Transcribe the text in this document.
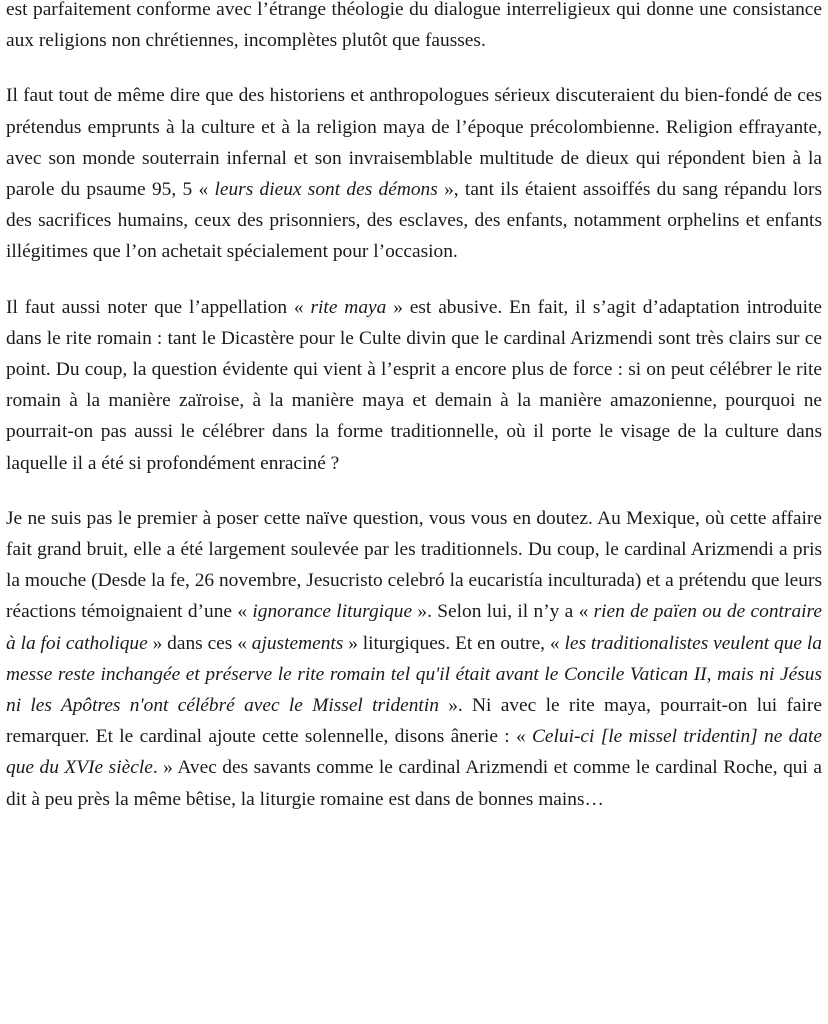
est parfaitement conforme avec l’étrange théologie du dialogue interreligieux qui donne une consistance aux religions non chrétiennes, incomplètes plutôt que fausses.

Il faut tout de même dire que des historiens et anthropologues sérieux discuteraient du bien-fondé de ces prétendus emprunts à la culture et à la religion maya de l’époque précolombienne. Religion effrayante, avec son monde souterrain infernal et son invraisemblable multitude de dieux qui répondent bien à la parole du psaume 95, 5 « leurs dieux sont des démons », tant ils étaient assoiffés du sang répandu lors des sacrifices humains, ceux des prisonniers, des esclaves, des enfants, notamment orphelins et enfants illégitimes que l’on achetait spécialement pour l’occasion.

Il faut aussi noter que l’appellation « rite maya » est abusive. En fait, il s’agit d’adaptation introduite dans le rite romain : tant le Dicastère pour le Culte divin que le cardinal Arizmendi sont très clairs sur ce point. Du coup, la question évidente qui vient à l’esprit a encore plus de force : si on peut célébrer le rite romain à la manière zaïroise, à la manière maya et demain à la manière amazonienne, pourquoi ne pourrait-on pas aussi le célébrer dans la forme traditionnelle, où il porte le visage de la culture dans laquelle il a été si profondément enraciné ?

Je ne suis pas le premier à poser cette naïve question, vous vous en doutez. Au Mexique, où cette affaire fait grand bruit, elle a été largement soulevée par les traditionnels. Du coup, le cardinal Arizmendi a pris la mouche (Desde la fe, 26 novembre, Jesucristo celebró la eucaristía inculturada) et a prétendu que leurs réactions témoignaient d’une « ignorance liturgique ». Selon lui, il n’y a « rien de païen ou de contraire à la foi catholique » dans ces « ajustements » liturgiques. Et en outre, « les traditionalistes veulent que la messe reste inchangée et préserve le rite romain tel qu'il était avant le Concile Vatican II, mais ni Jésus ni les Apôtres n'ont célébré avec le Missel tridentin ». Ni avec le rite maya, pourrait-on lui faire remarquer. Et le cardinal ajoute cette solennelle, disons ânerie : « Celui-ci [le missel tridentin] ne date que du XVIe siècle. » Avec des savants comme le cardinal Arizmendi et comme le cardinal Roche, qui a dit à peu près la même bêtise, la liturgie romaine est dans de bonnes mains…
